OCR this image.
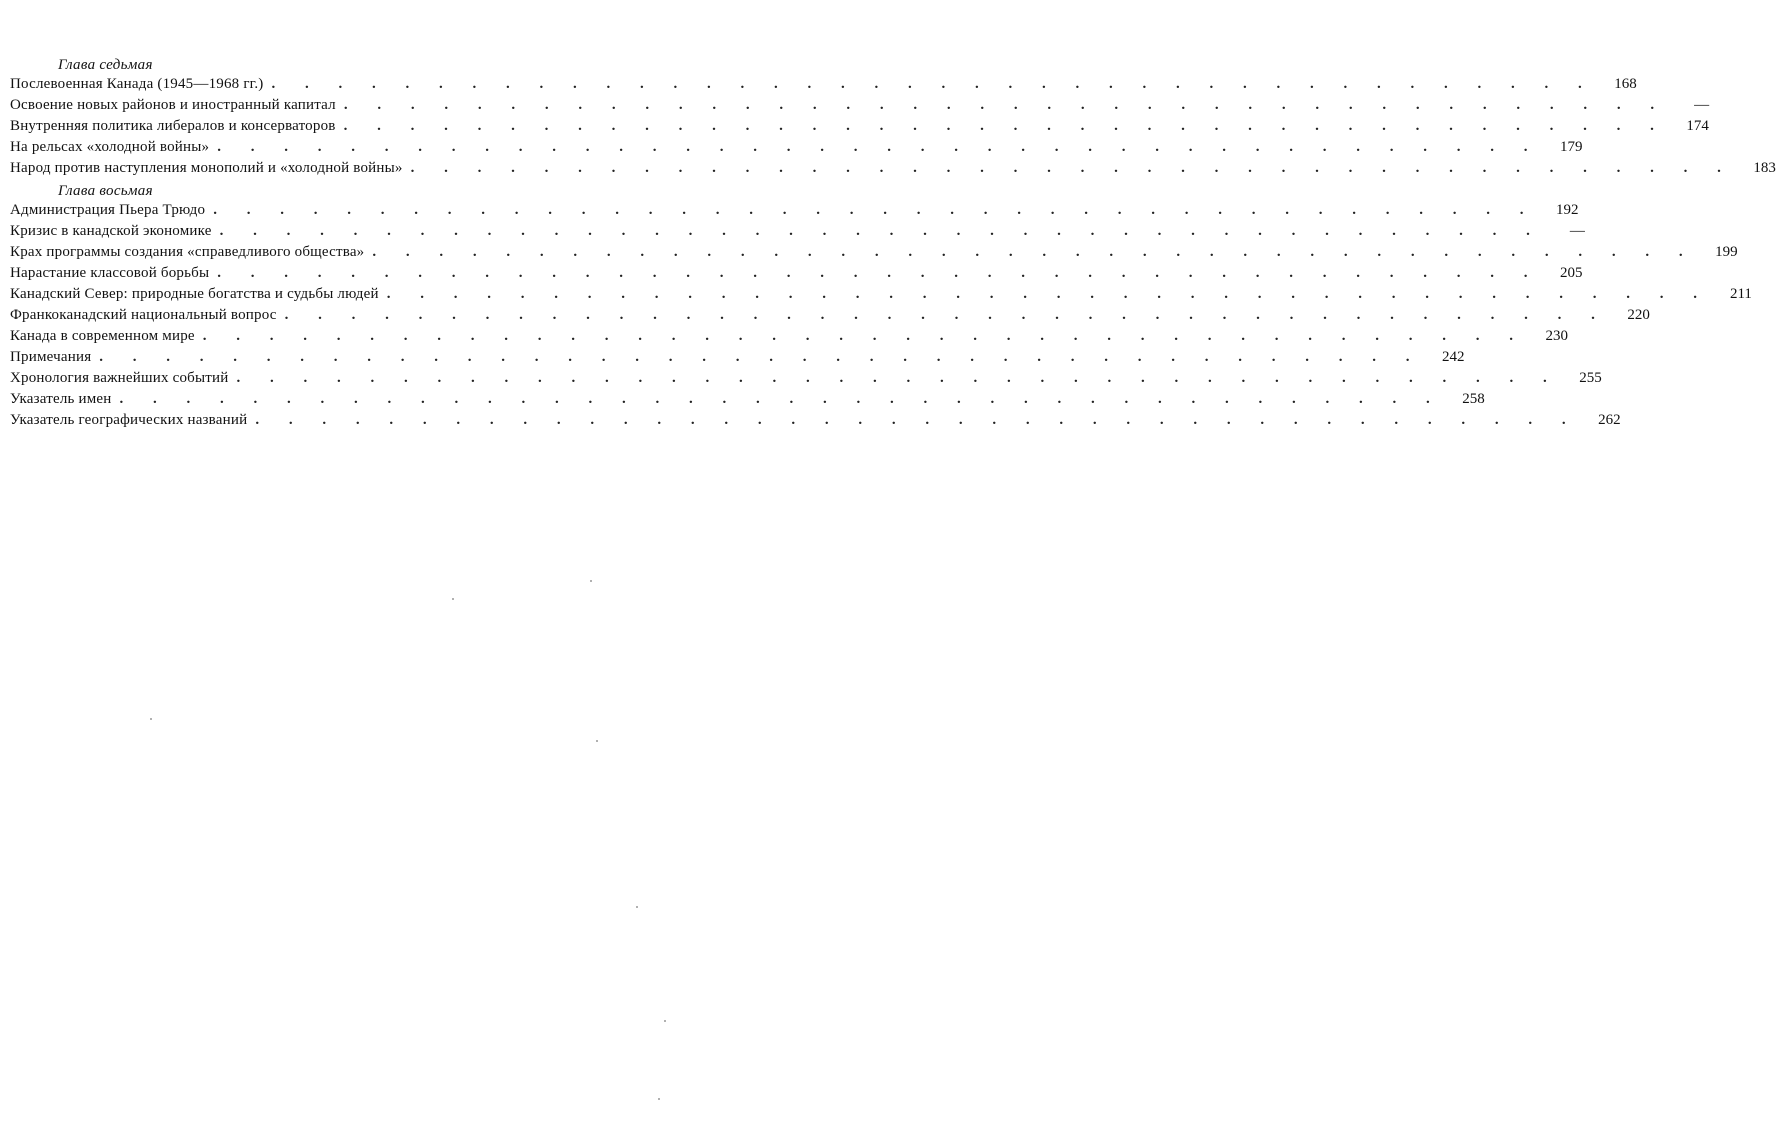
Глава седьмая
Послевоенная Канада (1945—1968 гг.) . . . . . . . . . . . . . . . . . . . . . . . . . . . . . . . . . . . . . . . .	168
Освоение новых районов и иностранный капитал . . . . . . . . . . . . . . . . . . . . . . . . . . . . . . . . . . . . . . . .	—
Внутренняя политика либералов и консерваторов . . . . . . . . . . . . . . . . . . . . . . . . . . . . . . . . . . . . . . . .	174
На рельсах «холодной войны» . . . . . . . . . . . . . . . . . . . . . . . . . . . . . . . . . . . . . . . .	179
Народ против наступления монополий и «холодной войны» . . . . . . . . . . . . . . . . . . . . . . . . . . . . . . . . . . . . . . . .	183
Глава восьмая
Администрация Пьера Трюдо . . . . . . . . . . . . . . . . . . . . . . . . . . . . . . . . . . . . . . . .	192
Кризис в канадской экономике . . . . . . . . . . . . . . . . . . . . . . . . . . . . . . . . . . . . . . . .	—
Крах программы создания «справедливого общества» . . . . . . . . . . . . . . . . . . . . . . . . . . . . . . . . . . . . . . . .	199
Нарастание классовой борьбы . . . . . . . . . . . . . . . . . . . . . . . . . . . . . . . . . . . . . . . .	205
Канадский Север: природные богатства и судьбы людей . . . . . . . . . . . . . . . . . . . . . . . . . . . . . . . . . . . . . . . .	211
Франкоканадский национальный вопрос . . . . . . . . . . . . . . . . . . . . . . . . . . . . . . . . . . . . . . . .	220
Канада в современном мире . . . . . . . . . . . . . . . . . . . . . . . . . . . . . . . . . . . . . . . .	230
Примечания . . . . . . . . . . . . . . . . . . . . . . . . . . . . . . . . . . . . . . . .	242
Хронология важнейших событий . . . . . . . . . . . . . . . . . . . . . . . . . . . . . . . . . . . . . . . .	255
Указатель имен . . . . . . . . . . . . . . . . . . . . . . . . . . . . . . . . . . . . . . . .	258
Указатель географических названий . . . . . . . . . . . . . . . . . . . . . . . . . . . . . . . . . . . . . . . .	262
